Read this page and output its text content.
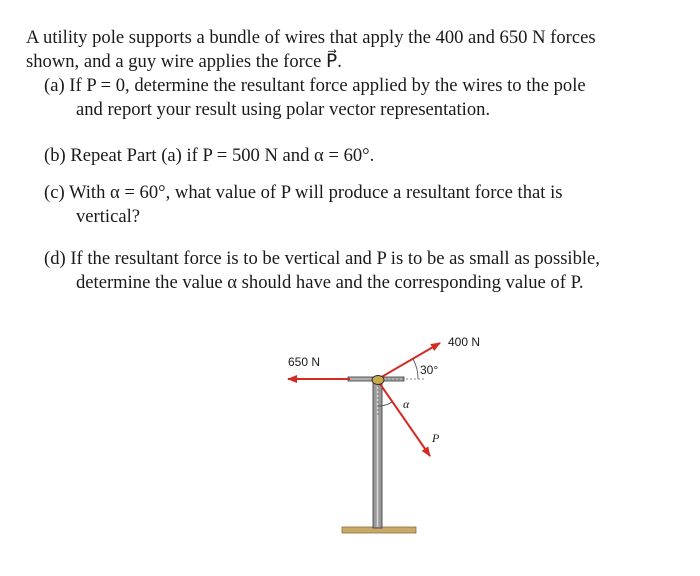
A utility pole supports a bundle of wires that apply the 400 and 650 N forces
shown, and a guy wire applies the force P⃗.
(a) If P = 0, determine the resultant force applied by the wires to the pole
and report your result using polar vector representation.
(b) Repeat Part (a) if P = 500 N and α = 60°.
(c) With α = 60°, what value of P will produce a resultant force that is
vertical?
(d) If the resultant force is to be vertical and P is to be as small as possible,
determine the value α should have and the corresponding value of P.
650 N
400 N
30°
α
P
